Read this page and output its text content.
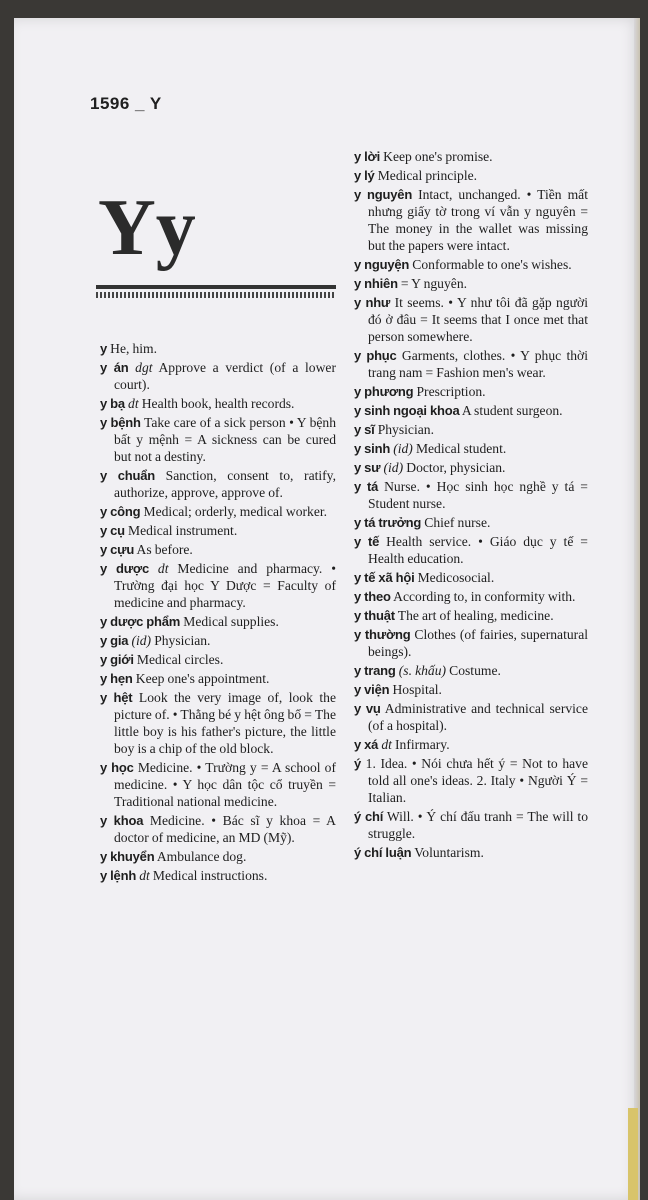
1596 _ Y
Yy
y He, him.
y án dgt Approve a verdict (of a lower court).
y bạ dt Health book, health records.
y bệnh Take care of a sick person • Y bệnh bất y mệnh = A sickness can be cured but not a destiny.
y chuẩn Sanction, consent to, ratify, authorize, approve, approve of.
y công Medical; orderly, medical worker.
y cụ Medical instrument.
y cựu As before.
y dược dt Medicine and pharmacy. • Trường đại học Y Dược = Faculty of medicine and pharmacy.
y dược phẩm Medical supplies.
y gia (id) Physician.
y giới Medical circles.
y hẹn Keep one's appointment.
y hệt Look the very image of, look the picture of. • Thằng bé y hệt ông bố = The little boy is his father's picture, the little boy is a chip of the old block.
y học Medicine. • Trường y = A school of medicine. • Y học dân tộc cổ truyền = Traditional national medicine.
y khoa Medicine. • Bác sĩ y khoa = A doctor of medicine, an MD (Mỹ).
y khuyển Ambulance dog.
y lệnh dt Medical instructions.
y lời Keep one's promise.
y lý Medical principle.
y nguyên Intact, unchanged. • Tiền mất nhưng giấy tờ trong ví vẫn y nguyên = The money in the wallet was missing but the papers were intact.
y nguyện Conformable to one's wishes.
y nhiên = Y nguyên.
y như It seems. • Y như tôi đã gặp người đó ở đâu = It seems that I once met that person somewhere.
y phục Garments, clothes. • Y phục thời trang nam = Fashion men's wear.
y phương Prescription.
y sinh ngoại khoa A student surgeon.
y sĩ Physician.
y sinh (id) Medical student.
y sư (id) Doctor, physician.
y tá Nurse. • Học sinh học nghề y tá = Student nurse.
y tá trưởng Chief nurse.
y tế Health service. • Giáo dục y tế = Health education.
y tế xã hội Medicosocial.
y theo According to, in conformity with.
y thuật The art of healing, medicine.
y thường Clothes (of fairies, supernatural beings).
y trang (s. khấu) Costume.
y viện Hospital.
y vụ Administrative and technical service (of a hospital).
y xá dt Infirmary.
ý 1. Idea. • Nói chưa hết ý = Not to have told all one's ideas. 2. Italy • Người Ý = Italian.
ý chí Will. • Ý chí đấu tranh = The will to struggle.
ý chí luận Voluntarism.
